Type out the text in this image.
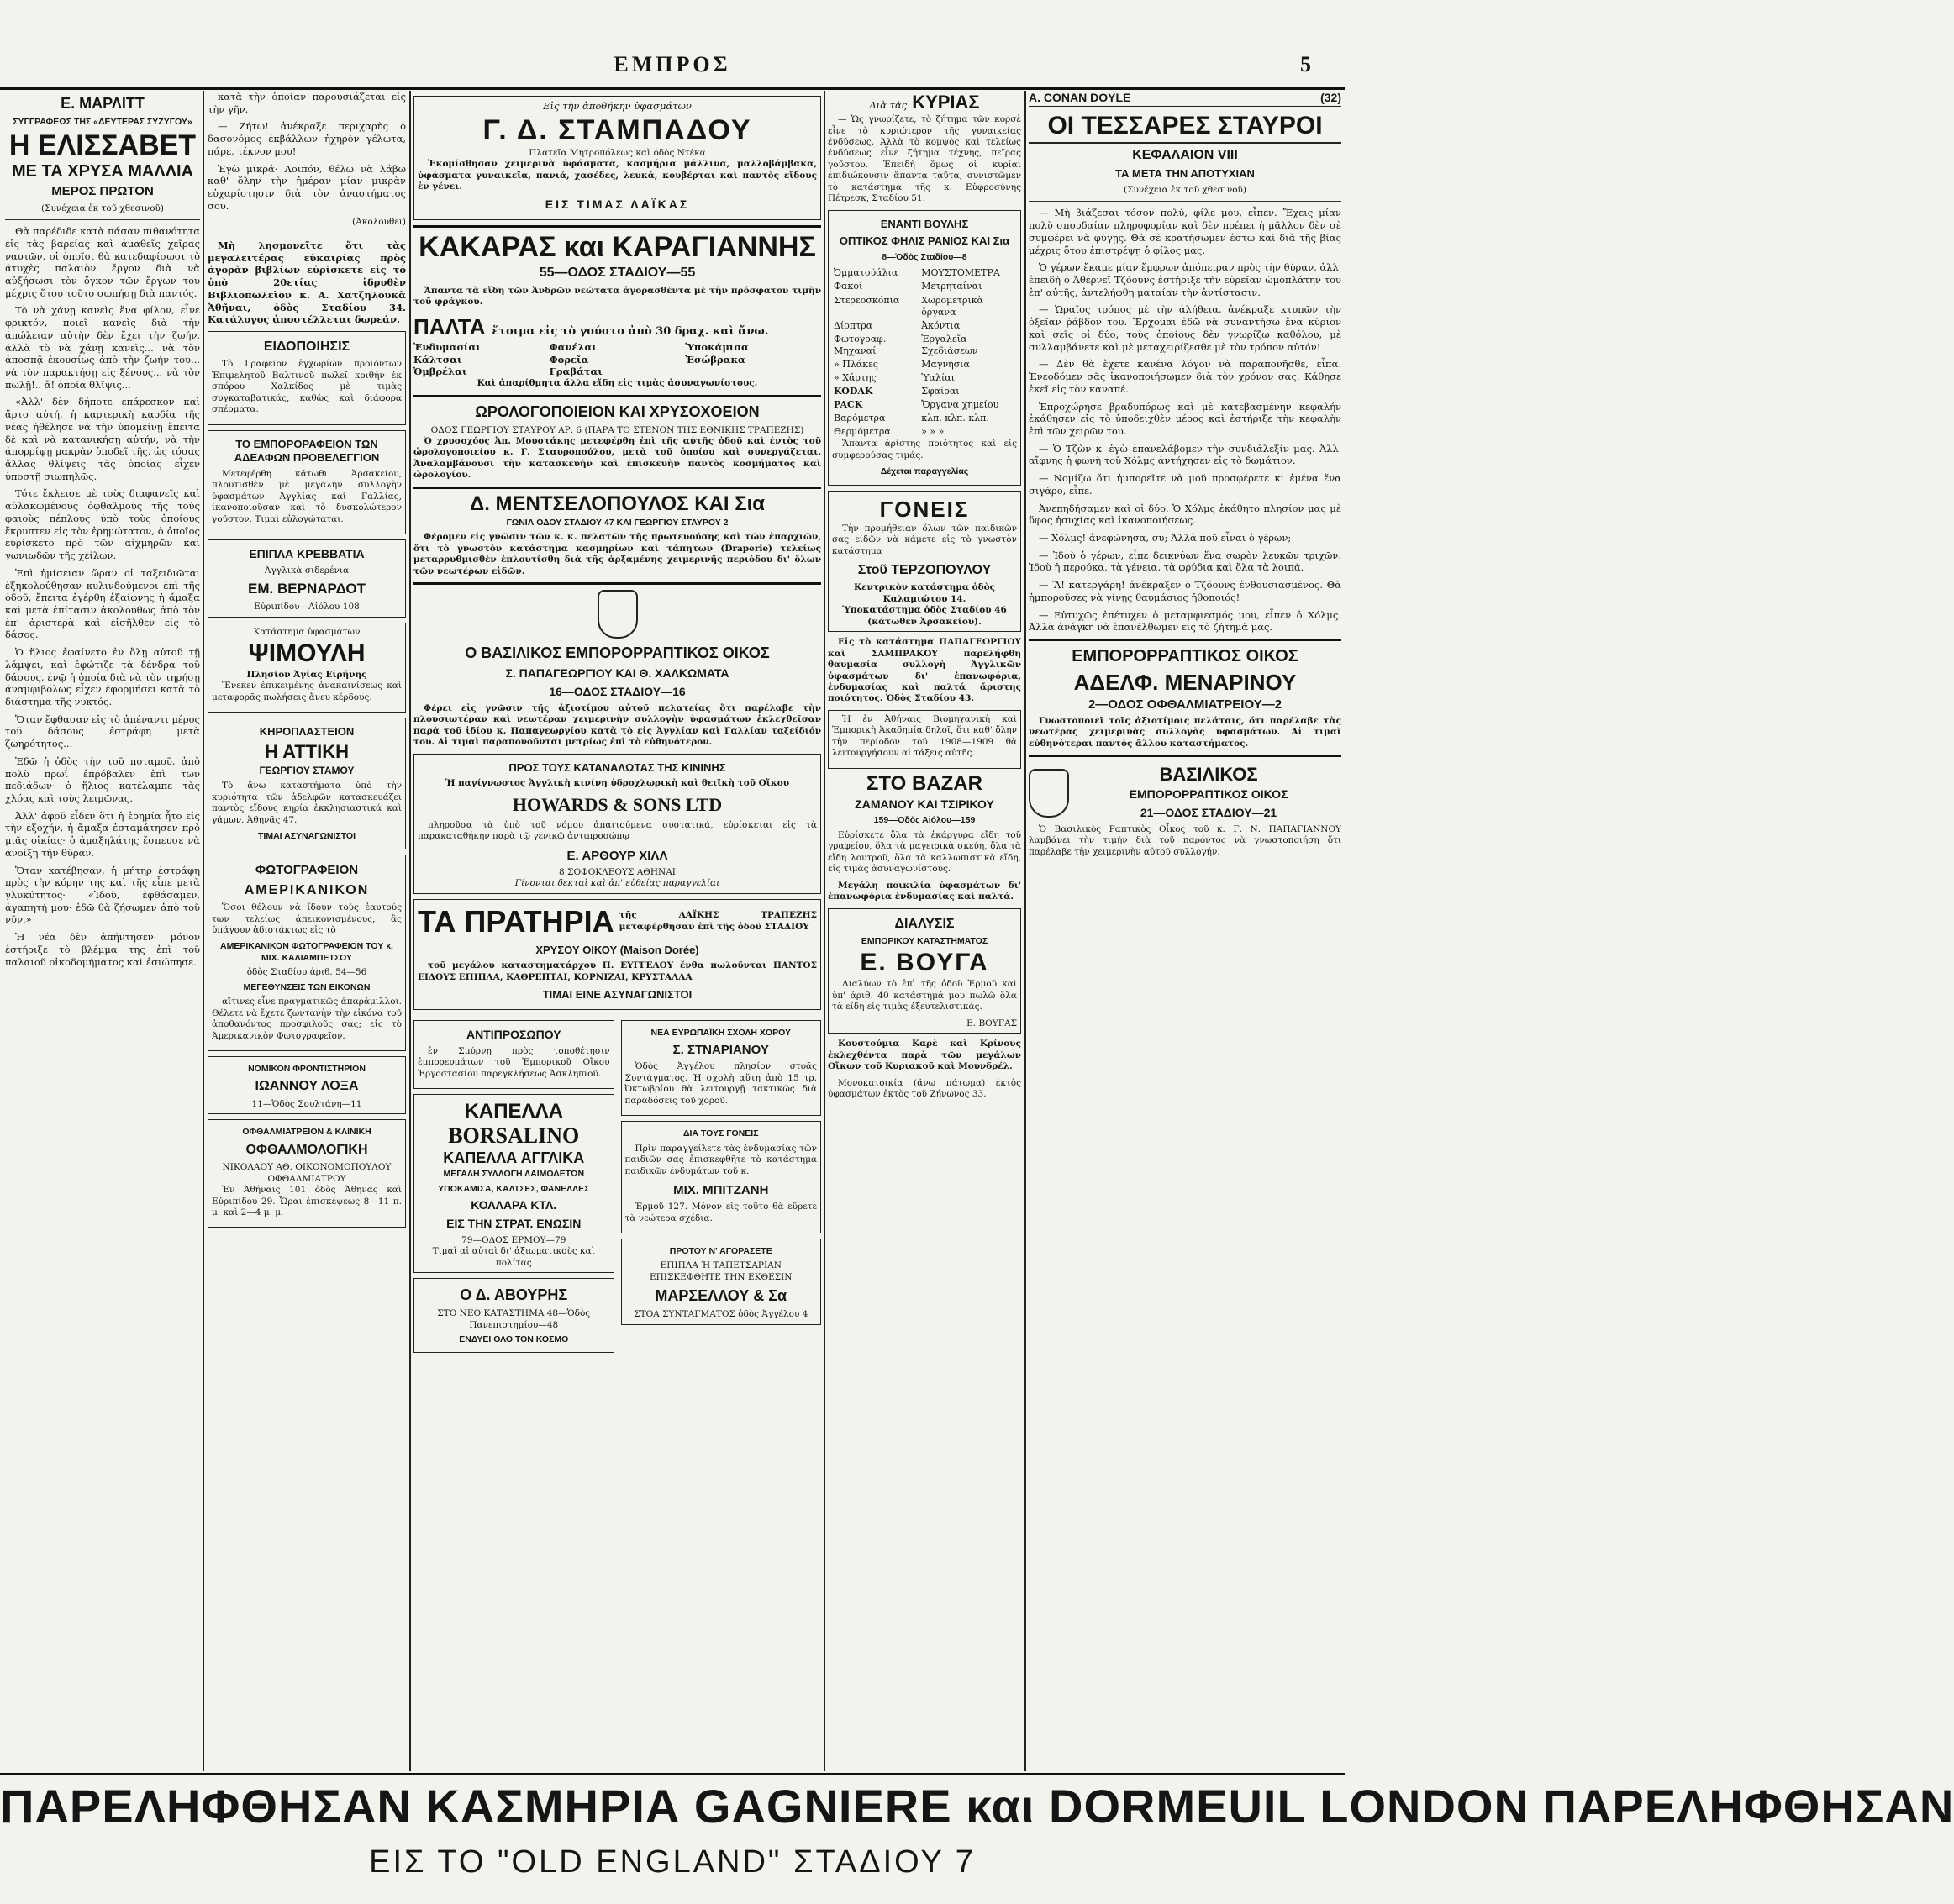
ΕΜΠΡΟΣ	5
Ε. ΜΑΡΛΙΤΤ
ΣΥΓΓΡΑΦΕΩΣ ΤΗΣ «ΔΕΥΤΕΡΑΣ ΣΥΖΥΓΟΥ»
Η ΕΛΙΣΣΑΒΕΤ
ΜΕ ΤΑ ΧΡΥΣΑ ΜΑΛΛΙΑ
ΜΕΡΟΣ ΠΡΩΤΟΝ
(Συνέχεια ἐκ τοῦ χθεσινοῦ)

Θὰ παρέδιδε κατὰ πάσαν πιθανότητα εἰς τὰς βαρείας καὶ ἀμαθεῖς χεῖρας ναυτῶν, οἱ ὁποῖοι θὰ κατεδαφίσωσι τὸ ἀτυχὲς παλαιὸν ἔργον διὰ νὰ αὐξήσωσι τὸν ὄγκον τῶν ἔργων του μέχρις ὅτου τοῦτο σωπήσῃ διὰ παντός.

Τὸ νὰ χάνῃ κανεὶς ἕνα φίλον, εἶνε φρικτόν, ποιεῖ κανεὶς διὰ τὴν ἀπώλειαν αὐτὴν δὲν ἔχει τὴν ζωήν, ἀλλὰ τὸ νὰ χάνῃ κανεὶς... νὰ τὸν ἀποσπᾷ ἐκουσίως ἀπὸ τὴν ζωήν του... νὰ τὸν παρακτήσῃ εἰς ξένους... νὰ τὸν πωλῇ!.. ἄ! ὁποία θλῖψις...

«Ἀλλ' δὲν δήποτε επάρεσκον καὶ ἄρτο αὐτή, ἡ καρτερικὴ καρδία τῆς νέας ἠθέλησε νὰ τὴν ὑπομείνῃ ἔπειτα δὲ καὶ νὰ κατανικήσῃ αὐτήν, νὰ τὴν ἀπορρίψῃ μακρὰν ὑποδεῖ τῆς, ὡς τόσας ἄλλας θλίψεις τὰς ὁποίας εἶχεν ὑποστῇ σιωπηλῶς.

Τότε ἔκλεισε μὲ τοὺς διαφανεῖς καὶ αὐλακωμένους ὀφθαλμοὺς τῆς τοὺς φαιοὺς πέπλους ὑπὸ τοὺς ὁποίους ἔκρυπτεν εἰς τὸν ἐρημώτατον, ὁ ὁποῖος εὑρίσκετο πρὸ τῶν αἰχμηρῶν καὶ γωνιωδῶν τῆς χείλων.

Ἐπὶ ἡμίσειαν ὥραν οἱ ταξειδιῶται ἐξηκολούθησαν κυλινδούμενοι ἐπὶ τῆς ὁδοῦ, ἔπειτα ἐγέρθη ἐξαίφνης ἡ ἄμαξα καὶ μετὰ ἐπίτασιν ἀκολούθως ἀπὸ τὸν ἐπ' ἀριστερὰ καὶ εἰσῆλθεν εἰς τὸ δάσος.

Ὁ ἥλιος ἐφαίνετο ἐν ὅλῃ αὐτοῦ τῇ λάμψει, καὶ ἐφώτιζε τὰ δένδρα τοῦ δάσους, ἐνῷ ἡ ὁποία διὰ νὰ τὸν τηρήσῃ ἀναμφιβόλως εἶχεν ἐφορμήσει κατὰ τὸ διάστημα τῆς νυκτός.

Ὅταν ἔφθασαν εἰς τὸ ἀπέναντι μέρος τοῦ δάσους ἐστράφη μετὰ ζωηρότητος...

Ἐδῶ ἡ ὁδὸς τὴν τοῦ ποταμοῦ, ἀπὸ πολὺ πρωΐ ἐπρόβαλεν ἐπὶ τῶν πεδιάδων· ὁ ἥλιος κατέλαμπε τὰς χλόας καὶ τοὺς λειμῶνας.

Ἀλλ' ἀφοῦ εἶδεν ὅτι ἡ ἐρημία ἦτο εἰς τὴν ἐξοχήν, ἡ ἄμαξα ἐσταμάτησεν πρὸ μιᾶς οἰκίας· ὁ ἀμαξηλάτης ἔσπευσε νὰ ἀνοίξῃ τὴν θύραν.

Ὅταν κατέβησαν, ἡ μήτηρ ἐστράφη πρὸς τὴν κόρην της καὶ τῆς εἶπε μετὰ γλυκύτητος· «Ἰδοὺ, ἐφθάσαμεν, ἀγαπητή μου· ἐδῶ θὰ ζήσωμεν ἀπὸ τοῦ νῦν.»

Ἡ νέα δὲν ἀπήντησεν· μόνον ἐστήριξε τὸ βλέμμα της ἐπὶ τοῦ παλαιοῦ οἰκοδομήματος καὶ ἐσιώπησε.

κατὰ τὴν ὁποίαν παρουσιάζεται εἰς τὴν γῆν.

— Ζήτω! ἀνέκραξε περιχαρὴς ὁ δασονόμος ἐκβάλλων ἠχηρὸν γέλωτα, πάρε, τέκνον μου!

Ἐγὼ μικρά· Λοιπόν, θέλω νὰ λάβω καθ' ὅλην τὴν ἡμέραν μίαν μικρὰν εὐχαρίστησιν διὰ τὸν ἀναστήματος σου.

(Ἀκολουθεῖ)

Μὴ λησμονεῖτε ὅτι τὰς μεγαλειτέρας εὐκαιρίας πρὸς ἀγορὰν βιβλίων εὑρίσκετε εἰς τὸ ὑπὸ 20ετίας ἱδρυθὲν Βιβλιοπωλεῖον κ. Α. Χατζηλουκᾶ Ἀθῆναι, ὁδὸς Σταδίου 34. Κατάλογος ἀποστέλλεται δωρεάν.

ΕΙΔΟΠΟΙΗΣΙΣ

Τὸ Γραφεῖον ἐγχωρίων προϊόντων Ἐπιμελητοῦ Βαλτινοῦ πωλεῖ κριθὴν ἐκ σπόρου Χαλκίδος μὲ τιμὰς συγκαταβατικάς, καθὼς καὶ διάφορα σπέρματα.

ΤΟ ΕΜΠΟΡΟΡΑΦΕΙΟΝ ΤΩΝ ΑΔΕΛΦΩΝ ΠΡΟΒΕΛΕΓΓΙΟΝ

Μετεφέρθη κάτωθι Ἀρσακείου, πλουτισθὲν μὲ μεγάλην συλλογὴν ὑφασμάτων Ἀγγλίας καὶ Γαλλίας, ἱκανοποιοῦσαν καὶ τὸ δυσκολώτερον γοῦστον. Τιμαὶ εὐλογώταται.

ΕΠΙΠΛΑ ΚΡΕΒΒΑΤΙΑ
Ἀγγλικὰ σιδερένια
ΕΜ. ΒΕΡΝΑΡΔΟΤ
Εὐριπίδου—Αἰόλου 108
Κατάστημα ὑφασμάτων
ΨΙΜΟΥΛΗ
Πλησίον Ἁγίας Εἰρήνης

Ἕνεκεν ἐπικειμένης ἀνακαινίσεως καὶ μεταφορᾶς πωλήσεις ἄνευ κέρδους.

ΚΗΡΟΠΛΑΣΤΕΙΟΝ
Η ΑΤΤΙΚΗ
ΓΕΩΡΓΙΟΥ ΣΤΑΜΟΥ

Τὸ ἄνω καταστήματα ὑπὸ τὴν κυριότητα τῶν ἀδελφῶν κατασκευάζει παντὸς εἴδους κηρία ἐκκλησιαστικά καὶ γάμων. Ἀθηνᾶς 47.

ΤΙΜΑΙ ΑΣΥΝΑΓΩΝΙΣΤΟΙ
ΦΩΤΟΓΡΑΦΕΙΟΝ
ΑΜΕΡΙΚΑΝΙΚΟΝ

Ὅσοι θέλουν νὰ ἴδουν τοὺς ἑαυτούς των τελείως ἀπεικονισμένους, ἂς ὑπάγουν ἀδιστάκτως εἰς τὸ

ΑΜΕΡΙΚΑΝΙΚΟΝ ΦΩΤΟΓΡΑΦΕΙΟΝ ΤΟΥ κ. ΜΙΧ. ΚΑΛΙΑΜΠΕΤΣΟΥ
ὁδὸς Σταδίου ἀριθ. 54—56
ΜΕΓΕΘΥΝΣΕΙΣ ΤΩΝ ΕΙΚΟΝΩΝ

αἵτινες εἶνε πραγματικῶς ἀπαράμιλλοι. Θέλετε νὰ ἔχετε ζωντανὴν τὴν εἰκόνα τοῦ ἀποθανόντος προσφιλοῦς σας; εἰς τὸ Ἀμερικανικὸν Φωτογραφεῖον.

ΝΟΜΙΚΟΝ ΦΡΟΝΤΙΣΤΗΡΙΟΝ
ΙΩΑΝΝΟΥ ΛΟΞΑ
11—Ὁδὸς Σουλτάνη—11
ΟΦΘΑΛΜΙΑΤΡΕΙΟΝ & ΚΛΙΝΙΚΗ
ΟΦΘΑΛΜΟΛΟΓΙΚΗ
ΝΙΚΟΛΑΟΥ ΑΘ. ΟΙΚΟΝΟΜΟΠΟΥΛΟΥ
ΟΦΘΑΛΜΙΑΤΡΟΥ

Ἐν Ἀθήναις 101 ὁδὸς Ἀθηνᾶς καὶ Εὐριπίδου 29. Ὧραι ἐπισκέψεως 8—11 π. μ. καὶ 2—4 μ. μ.

Εἰς τὴν ἀποθήκην ὑφασμάτων
Γ. Δ. ΣΤΑΜΠΑΔΟΥ
Πλατεῖα Μητροπόλεως καὶ ὁδὸς Ντέκα

Ἐκομίσθησαν χειμερινὰ ὑφάσματα, κασμήρια μάλλινα, μαλλοβάμβακα, ὑφάσματα γυναικεῖα, πανιά, χασέδες, λευκά, κουβέρται καὶ παντὸς εἴδους ἐν γένει.

ΕΙΣ ΤΙΜΑΣ ΛΑΪΚΑΣ
ΚΑΚΑΡΑΣ και ΚΑΡΑΓΙΑΝΝΗΣ
55—ΟΔΟΣ ΣΤΑΔΙΟΥ—55

Ἅπαντα τὰ εἴδη τῶν Ἀνδρῶν νεώτατα ἀγορασθέντα μὲ τὴν πρόσφατον τιμὴν τοῦ φράγκου.

ΠΑΛΤΑ ἕτοιμα εἰς τὸ γούστο ἀπὸ 30 δραχ. καὶ ἄνω.
Ἐνδυμασίαι	Φανέλαι	Ὑποκάμισα
Κάλτσαι	Φορεῖα	Ἐσώβρακα
Ὀμβρέλαι	Γραβάται
Καὶ ἁπαρίθμητα ἄλλα εἴδη εἰς τιμὰς ἀσυναγωνίστους.
ΩΡΟΛΟΓΟΠΟΙΕΙΟΝ ΚΑΙ ΧΡΥΣΟΧΟΕΙΟΝ
ΟΔΟΣ ΓΕΩΡΓΙΟΥ ΣΤΑΥΡΟΥ ΑΡ. 6 (ΠΑΡΑ ΤΟ ΣΤΕΝΟΝ ΤΗΣ ΕΘΝΙΚΗΣ ΤΡΑΠΕΖΗΣ)

Ὁ χρυσοχόος Ἀπ. Μουστάκης μετεφέρθη ἐπὶ τῆς αὐτῆς ὁδοῦ καὶ ἐντὸς τοῦ ὡρολογοποιείου κ. Γ. Σταυροπούλου, μετὰ τοῦ ὁποίου καὶ συνεργάζεται. Ἀναλαμβάνουσι τὴν κατασκευὴν καὶ ἐπισκευὴν παντὸς κοσμήματος καὶ ὡρολογίου.

Δ. ΜΕΝΤΣΕΛΟΠΟΥΛΟΣ ΚΑΙ Σια
ΓΩΝΙΑ ΟΔΟΥ ΣΤΑΔΙΟΥ 47 ΚΑΙ ΓΕΩΡΓΙΟΥ ΣΤΑΥΡΟΥ 2

Φέρομεν εἰς γνῶσιν τῶν κ. κ. πελατῶν τῆς πρωτευούσης καὶ τῶν ἐπαρχιῶν, ὅτι τὸ γνωστὸν κατάστημα κασμηρίων καὶ τάπητων (Draperie) τελείως μεταρρυθμισθὲν ἐπλουτίσθη διὰ τῆς ἀρξαμένης χειμερινῆς περιόδου δι' ὅλων τῶν νεωτέρων εἰδῶν.

Ο ΒΑΣΙΛΙΚΟΣ ΕΜΠΟΡΟΡΡΑΠΤΙΚΟΣ ΟΙΚΟΣ
Σ. ΠΑΠΑΓΕΩΡΓΙΟΥ ΚΑΙ Θ. ΧΑΛΚΩΜΑΤΑ
16—ΟΔΟΣ ΣΤΑΔΙΟΥ—16

Φέρει εἰς γνῶσιν τῆς ἀξιοτίμου αὐτοῦ πελατείας ὅτι παρέλαβε τὴν πλουσιωτέραν καὶ νεωτέραν χειμερινὴν συλλογὴν ὑφασμάτων ἐκλεχθεῖσαν παρὰ τοῦ ἰδίου κ. Παπαγεωργίου κατὰ τὸ εἰς Ἀγγλίαν καὶ Γαλλίαν ταξείδιόν του. Αἱ τιμαὶ παραπονοῦνται μετρίως ἐπὶ τὸ εὐθηνότερον.

ΠΡΟΣ ΤΟΥΣ ΚΑΤΑΝΑΛΩΤΑΣ ΤΗΣ ΚΙΝΙΝΗΣ
Ἡ παγίγνωστος Ἀγγλικὴ κινίνη ὑδροχλωρικὴ καὶ θειϊκὴ τοῦ Οἴκου
HOWARDS & SONS LTD

πληροῦσα τὰ ὑπὸ τοῦ νόμου ἀπαιτούμενα συστατικά, εὑρίσκεται εἰς τὰ παρακαταθήκην παρὰ τῷ γενικῷ ἀντιπροσώπῳ

Ε. ΑΡΘΟΥΡ ΧΙΛΛ
8 ΣΟΦΟΚΛΕΟΥΣ ΑΘΗΝΑΙ
Γίνονται δεκταὶ καὶ ἀπ' εὐθείας παραγγελίαι
ΤΑ ΠΡΑΤΗΡΙΑ τῆς ΛΑΪΚΗΣ ΤΡΑΠΕΖΗΣ μεταφέρθησαν ἐπὶ τῆς ὁδοῦ ΣΤΑΔΙΟΥ
ΧΡΥΣΟΥ ΟΙΚΟΥ (Maison Dorée)

τοῦ μεγάλου καταστηματάρχου Π. ΕΥΓΓΕΛΟΥ ἔνθα πωλοῦνται ΠΑΝΤΟΣ ΕΙΔΟΥΣ ΕΠΙΠΛΑ, ΚΑΘΡΕΠΤΑΙ, ΚΟΡΝΙΖΑΙ, ΚΡΥΣΤΑΛΛΑ

ΤΙΜΑΙ ΕΙΝΕ ΑΣΥΝΑΓΩΝΙΣΤΟΙ
ΑΝΤΙΠΡΟΣΩΠΟΥ

ἐν Σμύρνῃ πρὸς τοποθέτησιν ἐμπορευμάτων τοῦ Ἐμπορικοῦ Οἴκου Ἐργοστασίου παρεγκλήσεως Ἀσκληπιοῦ.

ΚΑΠΕΛΛΑ
BORSALINO
ΚΑΠΕΛΛΑ ΑΓΓΛΙΚΑ
ΜΕΓΑΛΗ ΣΥΛΛΟΓΗ ΛΑΙΜΟΔΕΤΩΝ
ΥΠΟΚΑΜΙΣΑ, ΚΑΛΤΣΕΣ, ΦΑΝΕΛΛΕΣ
ΚΟΛΛΑΡΑ ΚΤΛ.
ΕΙΣ ΤΗΝ ΣΤΡΑΤ. ΕΝΩΣΙΝ
79—ΟΔΟΣ ΕΡΜΟΥ—79
Τιμαὶ αἱ αὐταὶ δι' ἀξιωματικοὺς καὶ πολίτας
Ο Δ. ΑΒΟΥΡΗΣ
ΣΤΟ ΝΕΟ ΚΑΤΑΣΤΗΜΑ 48—Ὁδὸς Πανεπιστημίου—48
ΕΝΔΥΕΙ ΟΛΟ ΤΟΝ ΚΟΣΜΟ
ΝΕΑ ΕΥΡΩΠΑΪΚΗ ΣΧΟΛΗ ΧΟΡΟΥ
Σ. ΣΤΝΑΡΙΑΝΟΥ

Ὁδὸς Ἀγγέλου πλησίον στοᾶς Συντάγματος. Ἡ σχολὴ αὕτη ἀπὸ 15 τρ. Ὀκτωβρίου θὰ λειτουργῇ τακτικῶς διὰ παραδόσεις τοῦ χοροῦ.

ΔΙΑ ΤΟΥΣ ΓΟΝΕΙΣ

Πρὶν παραγγείλετε τὰς ἐνδυμασίας τῶν παιδιῶν σας ἐπισκεφθῆτε τὸ κατάστημα παιδικῶν ἐνδυμάτων τοῦ κ.

ΜΙΧ. ΜΠΙΤΖΑΝΗ

Ἑρμοῦ 127. Μόνον εἰς τοῦτο θὰ εὕρετε τὰ νεώτερα σχέδια.

ΠΡΟΤΟΥ Ν' ΑΓΟΡΑΣΕΤΕ
ΕΠΙΠΛΑ Ή ΤΑΠΕΤΣΑΡΙΑΝ ΕΠΙΣΚΕΦΘΗΤΕ ΤΗΝ ΕΚΘΕΣΙΝ
ΜΑΡΣΕΛΛΟΥ & Σα
ΣΤΟΑ ΣΥΝΤΑΓΜΑΤΟΣ ὁδὸς Ἀγγέλου 4
Διὰ τὰς ΚΥΡΙΑΣ

— Ὡς γνωρίζετε, τὸ ζήτημα τῶν κορσὲ εἶνε τὸ κυριώτερον τῆς γυναικείας ἐνδύσεως. Ἀλλὰ τὸ κομψὸς καὶ τελείως ἐνδύσεως εἶνε ζήτημα τέχνης, πεῖρας γοῦστου. Ἐπειδὴ ὅμως οἱ κυρίαι ἐπιδιώκουσιν ἅπαντα ταῦτα, συνιστῶμεν τὸ κατάστημα τῆς κ. Εὐφροσύνης Πέτρεσκ, Σταδίου 51.

ΕΝΑΝΤΙ ΒΟΥΛΗΣ
ΟΠΤΙΚΟΣ ΦΗΛΙΣ ΡΑΝΙΟΣ ΚΑΙ Σια
8—Ὁδὸς Σταδίου—8
Ὀμματοϋάλια	ΜΟΥΣΤΟΜΕΤΡΑ
Φακοί	Μετρηταίναι
Στερεοσκόπια	Χωρομετρικὰ ὄργανα
Δίοπτρα	Ἀκόντια
Φωτογραφ. Μηχαναί	Ἐργαλεῖα Σχεδιάσεων
» Πλάκες	Μαγνήσια
» Χάρτης	Ὑαλίαι
KODAK	Σφαίραι
PACK	Ὄργανα χημείου
Βαρόμετρα	κλπ. κλπ. κλπ.
Θερμόμετρα	» » »

Ἅπαντα ἀρίστης ποιότητος καὶ εἰς συμφερούσας τιμάς.

Δέχεται παραγγελίας
ΓΟΝΕΙΣ

Τὴν προμήθειαν ὅλων τῶν παιδικῶν σας εἰδῶν νὰ κάμετε εἰς τὸ γνωστὸν κατάστημα

Στοῦ ΤΕΡΖΟΠΟΥΛΟΥ
Κεντρικὸν κατάστημα ὁδὸς Καλαμιώτου 14.
Ὑποκατάστημα ὁδὸς Σταδίου 46 (κάτωθεν Ἀρσακείου).

Εἰς τὸ κατάστημα ΠΑΠΑΓΕΩΡΓΙΟΥ καὶ ΣΑΜΠΡΑΚΟΥ παρελήφθη θαυμασία συλλογὴ Ἀγγλικῶν ὑφασμάτων δι' ἐπανωφόρια, ἐνδυμασίας καὶ παλτά ἄριστης ποιότητος. Ὁδὸς Σταδίου 43.

Ἡ ἐν Ἀθήναις Βιομηχανικὴ καὶ Ἐμπορικὴ Ἀκαδημία δηλοῖ, ὅτι καθ' ὅλην τὴν περίοδον τοῦ 1908—1909 θὰ λειτουργήσουν αἱ τάξεις αὐτῆς.

ΣΤΟ BAZAR
ΖΑΜΑΝΟΥ ΚΑΙ ΤΣΙΡΙΚΟΥ
159—Ὁδὸς Αἰόλου—159

Εὑρίσκετε ὅλα τὰ ἐκάργυρα εἴδη τοῦ γραφείου, ὅλα τὰ μαγειρικὰ σκεύη, ὅλα τὰ εἴδη λουτροῦ, ὅλα τὰ καλλωπιστικὰ εἴδη, εἰς τιμὰς ἀσυναγωνίστους.

Μεγάλη ποικιλία ὑφασμάτων δι' ἐπανωφόρια ἐνδυμασίας καὶ παλτά.

ΔΙΑΛΥΣΙΣ
ΕΜΠΟΡΙΚΟΥ ΚΑΤΑΣΤΗΜΑΤΟΣ
Ε. ΒΟΥΓΑ

Διαλύων τὸ ἐπὶ τῆς ὁδοῦ Ἑρμοῦ καὶ ὑπ' ἀριθ. 40 κατάστημά μου πωλῶ ὅλα τὰ εἴδη εἰς τιμὰς ἐξευτελιστικάς.

Ε. ΒΟΥΓΑΣ

Κουστούμια Καρὲ καὶ Κρίνους ἐκλεχθέντα παρὰ τῶν μεγάλων Οἴκων τοῦ Κυριακοῦ καὶ Μουνδρέλ.

Μονοκατοικία (ἄνω πάτωμα) ἐκτὸς ὑφασμάτων ἐκτὸς τοῦ Ζήνωνος 33.

A. CONAN DOYLE	(32)
ΟΙ ΤΕΣΣΑΡΕΣ ΣΤΑΥΡΟΙ
ΚΕΦΑΛΑΙΟΝ VIII
ΤΑ ΜΕΤΑ ΤΗΝ ΑΠΟΤΥΧΙΑΝ
(Συνέχεια ἐκ τοῦ χθεσινοῦ)

— Μὴ βιάζεσαι τόσον πολύ, φίλε μου, εἶπεν. Ἔχεις μίαν πολὺ σπουδαίαν πληροφορίαν καὶ δὲν πρέπει ἡ μᾶλλον δὲν σὲ συμφέρει νὰ φύγῃς. Θὰ σὲ κρατήσωμεν ἐστω καὶ διὰ τῆς βίας μέχρις ὅτου ἐπιστρέψῃ ὁ φίλος μας.

Ὁ γέρων ἔκαμε μίαν ἔμφρων ἀπόπειραν πρὸς τὴν θύραν, ἀλλ' ἐπειδὴ ὁ Ἀθέρνεϊ Τζόουνς ἐστήριξε τὴν εὐρεῖαν ὠμοπλάτην του ἐπ' αὐτῆς, ἀντελήφθη ματαίαν τὴν ἀντίστασιν.

— Ὡραῖος τρόπος μὲ τὴν ἀλήθεια, ἀνέκραξε κτυπῶν τὴν ὀξεῖαν ῥάβδον του. Ἔρχομαι ἐδῶ νὰ συναντήσω ἕνα κύριον καὶ σεῖς οἱ δύο, τοὺς ὁποίους δὲν γνωρίζω καθόλου, μὲ συλλαμβάνετε καὶ μὲ μεταχειρίζεσθε μὲ τὸν τρόπον αὐτόν!

— Δὲν θὰ ἔχετε κανένα λόγον νὰ παραπονῆσθε, εἶπα. Ἐνεοδόμεν σᾶς ἱκανοποιήσωμεν διὰ τὸν χρόνον σας. Κάθησε ἐκεῖ εἰς τὸν καναπέ.

Ἐπροχώρησε βραδυπόρως καὶ μὲ κατεβασμένην κεφαλήν ἐκάθησεν εἰς τὸ ὑποδειχθὲν μέρος καὶ ἐστήριξε τὴν κεφαλὴν ἐπὶ τῶν χειρῶν του.

— Ὁ Τζὼν κ' ἐγὼ ἐπανελάβομεν τὴν συνδιάλεξίν μας. Ἀλλ' αἴφνης ἡ φωνὴ τοῦ Χόλμς ἀντήχησεν εἰς τὸ δωμάτιον.

— Νομίζω ὅτι ἠμπορεῖτε νὰ μοῦ προσφέρετε κι ἐμένα ἕνα σιγάρο, εἶπε.

Ἀνεπηδήσαμεν καὶ οἱ δύο. Ὁ Χόλμς ἐκάθητο πλησίον μας μὲ ὕφος ἡσυχίας καὶ ἱκανοποιήσεως.

— Χόλμς! ἀνεφώνησα, σύ; Ἀλλὰ ποῦ εἶναι ὁ γέρων;

— Ἰδοὺ ὁ γέρων, εἶπε δεικνύων ἕνα σωρὸν λευκῶν τριχῶν. Ἰδοὺ ἡ περούκα, τὰ γένεια, τὰ φρύδια καὶ ὅλα τὰ λοιπά.

— Ἂ! κατεργάρη! ἀνέκραξεν ὁ Τζόουνς ἐνθουσιασμένος. Θὰ ἠμποροῦσες νὰ γίνῃς θαυμάσιος ἠθοποιός!

— Εὐτυχῶς ἐπέτυχεν ὁ μεταμφιεσμός μου, εἶπεν ὁ Χόλμς. Ἀλλὰ ἀνάγκη νὰ ἐπανέλθωμεν εἰς τὸ ζήτημά μας.

ΕΜΠΟΡΟΡΡΑΠΤΙΚΟΣ ΟΙΚΟΣ
ΑΔΕΛΦ. ΜΕΝΑΡΙΝΟΥ
2—ΟΔΟΣ ΟΦΘΑΛΜΙΑΤΡΕΙΟΥ—2

Γνωστοποιεῖ τοῖς ἀξιοτίμοις πελάταις, ὅτι παρέλαβε τὰς νεωτέρας χειμερινὰς συλλογὰς ὑφασμάτων. Αἱ τιμαὶ εὐθηνότεραι παντὸς ἄλλου καταστήματος.

ΒΑΣΙΛΙΚΟΣ
ΕΜΠΟΡΟΡΡΑΠΤΙΚΟΣ ΟΙΚΟΣ
21—ΟΔΟΣ ΣΤΑΔΙΟΥ—21

Ὁ Βασιλικὸς Ραπτικὸς Οἶκος τοῦ κ. Γ. Ν. ΠΑΠΑΓΙΑΝΝΟΥ λαμβάνει τὴν τιμὴν διὰ τοῦ παρόντος νὰ γνωστοποιήσῃ ὅτι παρέλαβε τὴν χειμερινὴν αὐτοῦ συλλογήν.

ΠΑΡΕΛΗΦΘΗΣΑΝ ΚΑΣΜΗΡΙΑ GAGNIERE και DORMEUIL LONDON ΠΑΡΕΛΗΦΘΗΣΑΝ
ΕΙΣ ΤΟ "OLD ENGLAND" ΣΤΑΔΙΟΥ 7
